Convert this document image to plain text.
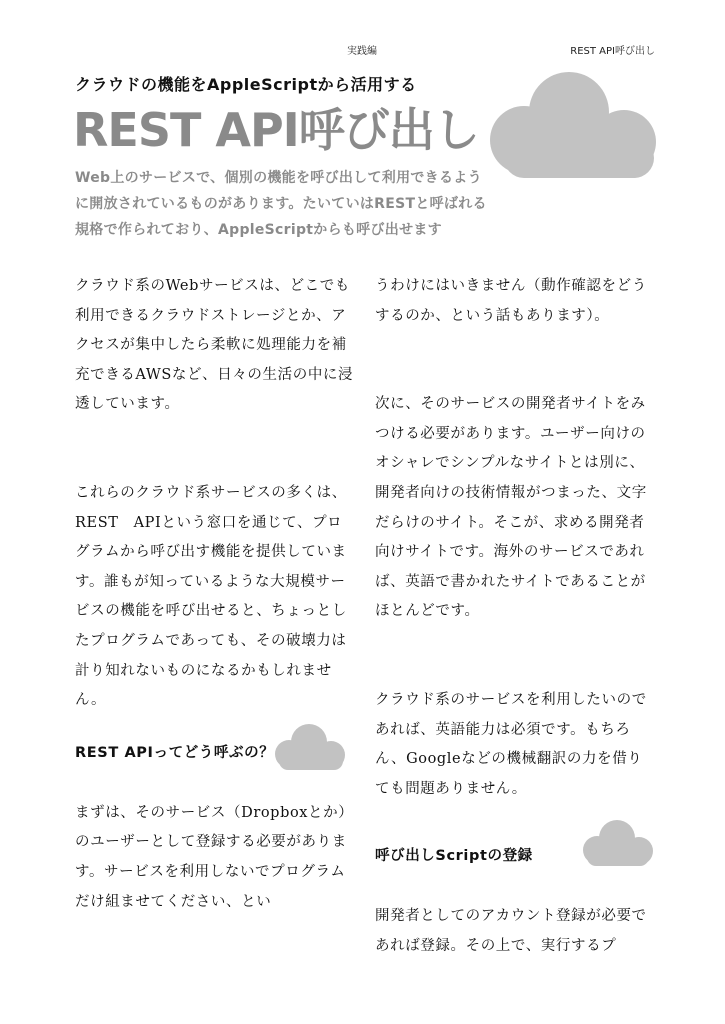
実践編	REST API呼び出し
クラウドの機能をAppleScriptから活用する
REST API呼び出し
Web上のサービスで、個別の機能を呼び出して利用できるように開放されているものがあります。たいていはRESTと呼ばれる規格で作られており、AppleScriptからも呼び出せます

クラウド系のWebサービスは、どこでも利用できるクラウドストレージとか、アクセスが集中したら柔軟に処理能力を補充できるAWSなど、日々の生活の中に浸透しています。

これらのクラウド系サービスの多くは、REST　APIという窓口を通じて、プログラムから呼び出す機能を提供しています。誰もが知っているような大規模サービスの機能を呼び出せると、ちょっとしたプログラムであっても、その破壊力は計り知れないものになるかもしれません。

REST APIってどう呼ぶの？

まずは、そのサービス（Dropboxとか）のユーザーとして登録する必要があります。サービスを利用しないでプログラムだけ組ませてください、とい

うわけにはいきません（動作確認をどうするのか、という話もあります）。

次に、そのサービスの開発者サイトをみつける必要があります。ユーザー向けのオシャレでシンプルなサイトとは別に、開発者向けの技術情報がつまった、文字だらけのサイト。そこが、求める開発者向けサイトです。海外のサービスであれば、英語で書かれたサイトであることがほとんどです。

クラウド系のサービスを利用したいのであれば、英語能力は必須です。もちろん、Googleなどの機械翻訳の力を借りても問題ありません。

呼び出しScriptの登録

開発者としてのアカウント登録が必要であれば登録。その上で、実行するプ
